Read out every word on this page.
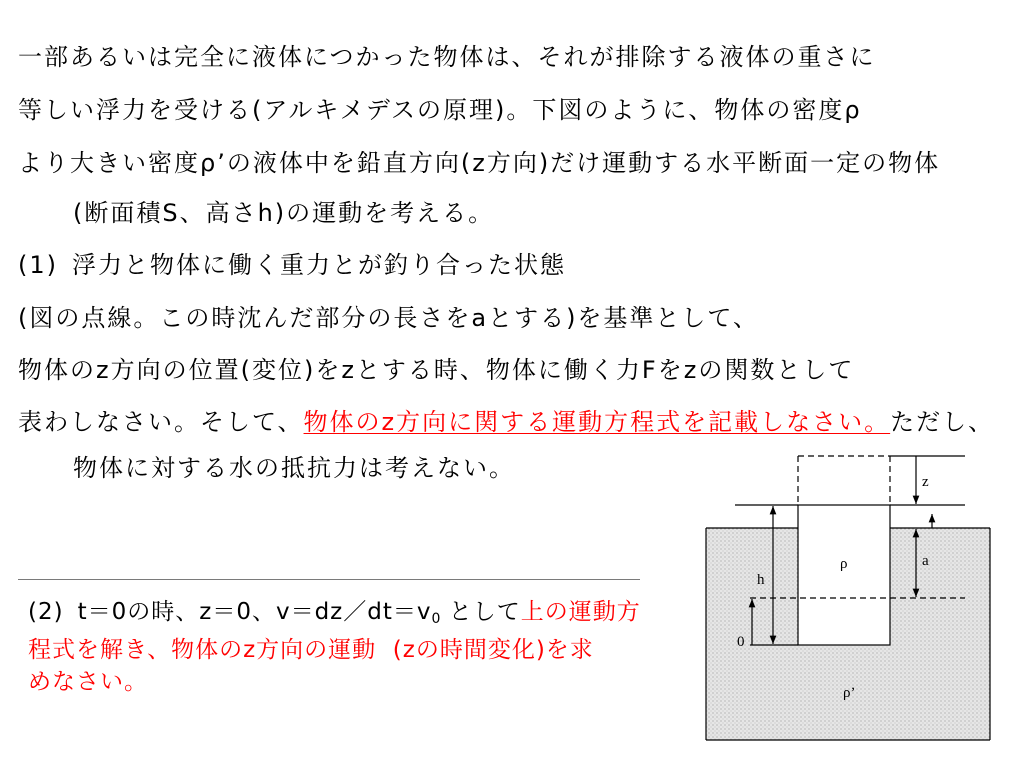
一部あるいは完全に液体につかった物体は、それが排除する液体の重さに
等しい浮力を受ける(アルキメデスの原理)。下図のように、物体の密度ρ
より大きい密度ρ’の液体中を鉛直方向(z方向)だけ運動する水平断面一定の物体
(断面積S、高さh)の運動を考える。
(1) 浮力と物体に働く重力とが釣り合った状態
(図の点線。この時沈んだ部分の長さをaとする)を基準として、
物体のz方向の位置(変位)をzとする時、物体に働く力Fをzの関数として
表わしなさい。そして、物体のz方向に関する運動方程式を記載しなさい。ただし、
物体に対する水の抵抗力は考えない。
(2) t＝0の時、z＝0、$v=dz/dt=v_0$ として上の運動方
程式を解き、物体のz方向の運動  (zの時間変化)を求
めなさい。
z
a
h
0
ρ
ρ’
